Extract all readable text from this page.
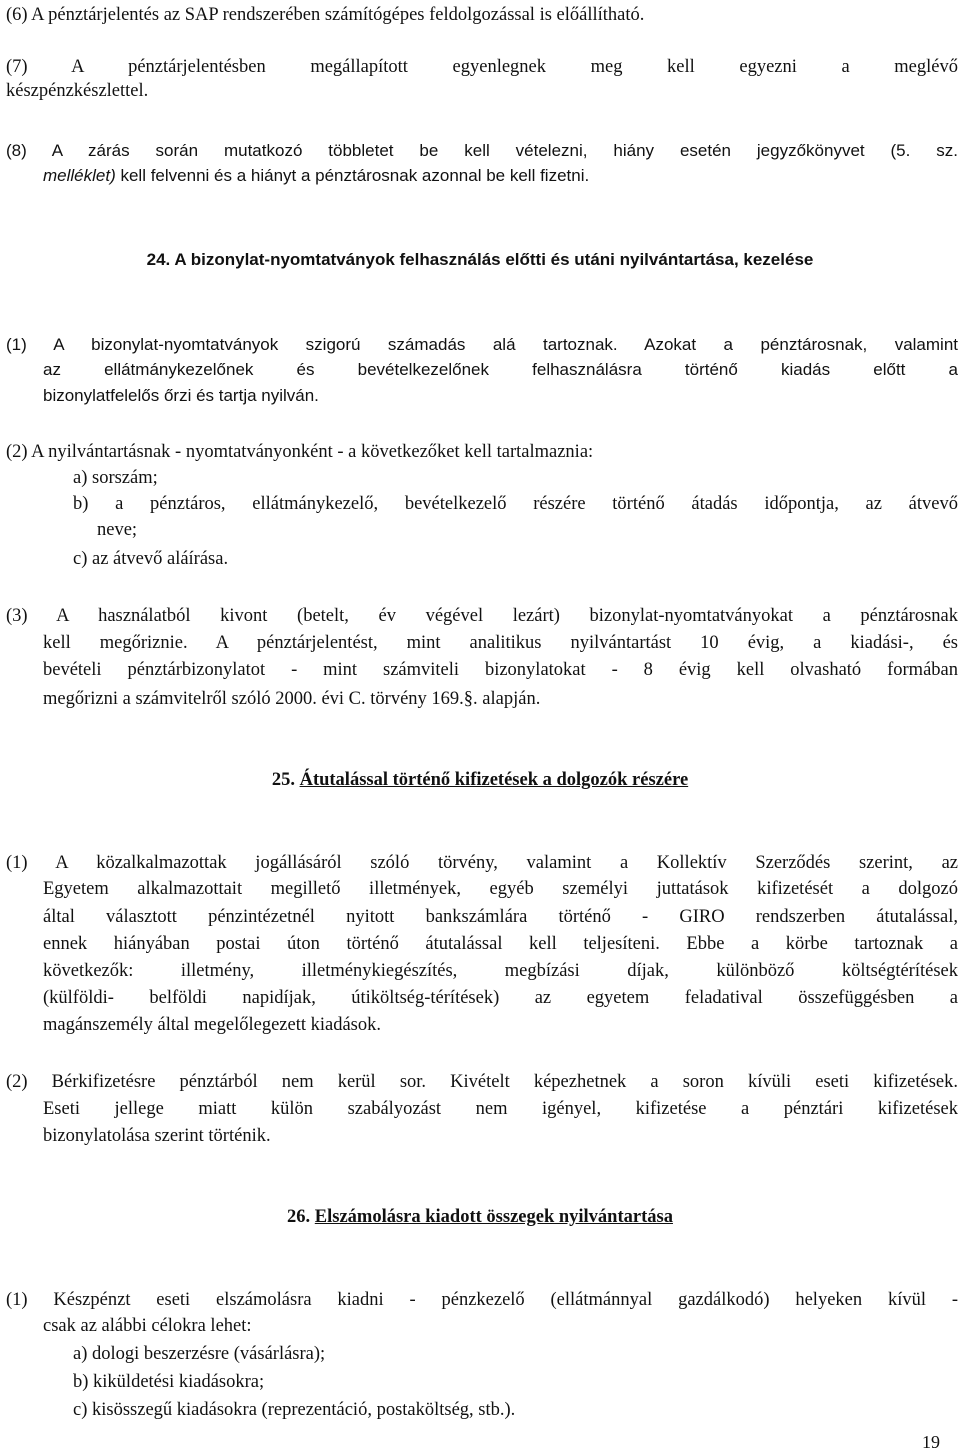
(6) A pénztárjelentés az SAP rendszerében számítógépes feldolgozással is előállítható.
(7) A pénztárjelentésben megállapított egyenlegnek meg kell egyezni a meglévő
készpénzkészlettel.
(8) A zárás során mutatkozó többletet be kell vételezni, hiány esetén jegyzőkönyvet (5. sz.
melléklet) kell felvenni és a hiányt a pénztárosnak azonnal be kell fizetni.
24. A bizonylat-nyomtatványok felhasználás előtti és utáni nyilvántartása, kezelése
(1) A bizonylat-nyomtatványok szigorú számadás alá tartoznak. Azokat a pénztárosnak, valamint
az ellátmánykezelőnek és bevételkezelőnek felhasználásra történő kiadás előtt a
bizonylatfelelős őrzi és tartja nyilván.
(2) A nyilvántartásnak - nyomtatványonként - a következőket kell tartalmaznia:
a) sorszám;
b) a pénztáros, ellátmánykezelő, bevételkezelő részére történő átadás időpontja, az átvevő
neve;
c) az átvevő aláírása.
(3) A használatból kivont (betelt, év végével lezárt) bizonylat-nyomtatványokat a pénztárosnak
kell megőriznie. A pénztárjelentést, mint analitikus nyilvántartást 10 évig, a kiadási-, és
bevételi pénztárbizonylatot - mint számviteli bizonylatokat - 8 évig kell olvasható formában
megőrizni a számvitelről szóló 2000. évi C. törvény 169.§. alapján.
25. Átutalással történő kifizetések a dolgozók részére
(1) A közalkalmazottak jogállásáról szóló törvény, valamint a Kollektív Szerződés szerint, az
Egyetem alkalmazottait megillető illetmények, egyéb személyi juttatások kifizetését a dolgozó
által választott pénzintézetnél nyitott bankszámlára történő - GIRO rendszerben átutalással,
ennek hiányában postai úton történő átutalással kell teljesíteni. Ebbe a körbe tartoznak a
következők: illetmény, illetménykiegészítés, megbízási díjak, különböző költségtérítések
(külföldi- belföldi napidíjak, útiköltség-térítések) az egyetem feladatival összefüggésben a
magánszemély által megelőlegezett kiadások.
(2) Bérkifizetésre pénztárból nem kerül sor. Kivételt képezhetnek a soron kívüli eseti kifizetések.
Eseti jellege miatt külön szabályozást nem igényel, kifizetése a pénztári kifizetések
bizonylatolása szerint történik.
26. Elszámolásra kiadott összegek nyilvántartása
(1) Készpénzt eseti elszámolásra kiadni - pénzkezelő (ellátmánnyal gazdálkodó) helyeken kívül -
csak az alábbi célokra lehet:
a) dologi beszerzésre (vásárlásra);
b) kiküldetési kiadásokra;
c) kisösszegű kiadásokra (reprezentáció, postaköltség, stb.).
19
